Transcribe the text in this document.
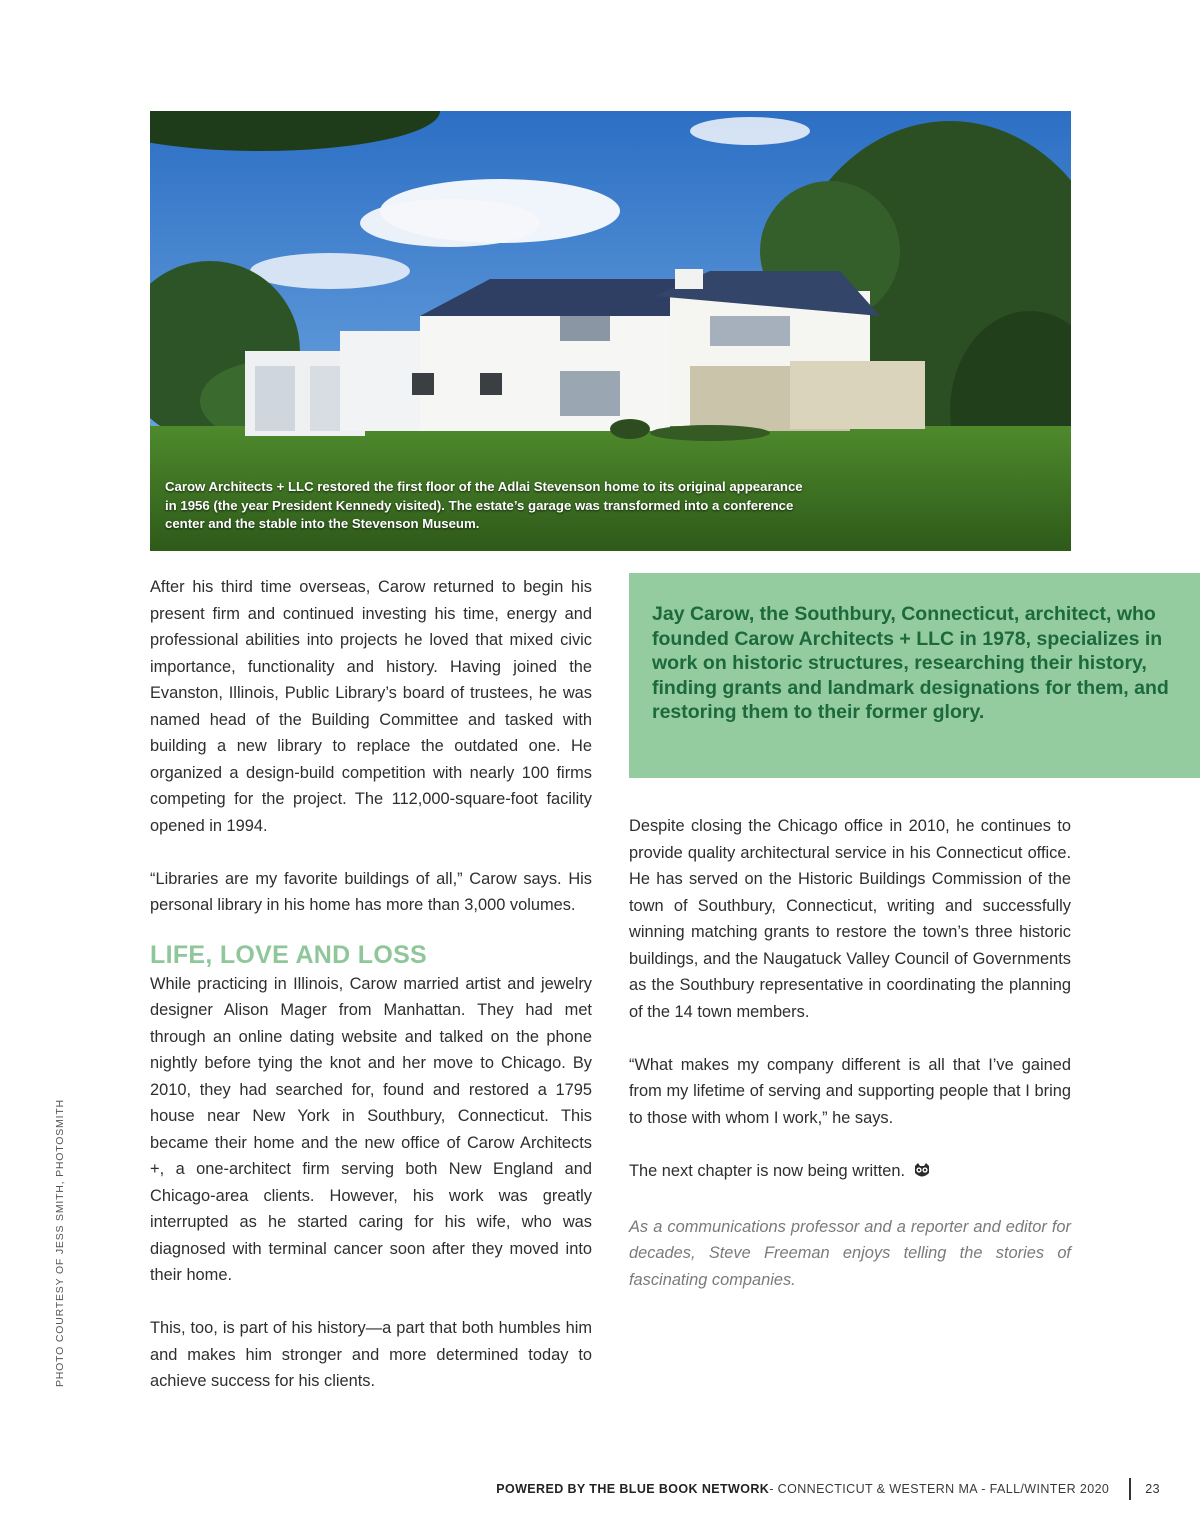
Carow Architects + LLC restored the first floor of the Adlai Stevenson home to its original appearance in 1956 (the year President Kennedy visited). The estate’s garage was transformed into a conference center and the stable into the Stevenson Museum.

After his third time overseas, Carow returned to begin his present firm and continued investing his time, energy and professional abilities into projects he loved that mixed civic importance, functionality and history. Having joined the Evanston, Illinois, Public Library’s board of trustees, he was named head of the Building Committee and tasked with building a new library to replace the outdated one. He organized a design-build competition with nearly 100 firms competing for the project. The 112,000-square-foot facility opened in 1994.

“Libraries are my favorite buildings of all,” Carow says. His personal library in his home has more than 3,000 volumes.

LIFE, LOVE AND LOSS

While practicing in Illinois, Carow married artist and jewelry designer Alison Mager from Manhattan. They had met through an online dating website and talked on the phone nightly before tying the knot and her move to Chicago. By 2010, they had searched for, found and restored a 1795 house near New York in Southbury, Connecticut. This became their home and the new office of Carow Architects +, a one-architect firm serving both New England and Chicago-area clients. However, his work was greatly interrupted as he started caring for his wife, who was diagnosed with terminal cancer soon after they moved into their home.

This, too, is part of his history—a part that both humbles him and makes him stronger and more determined today to achieve success for his clients.

Jay Carow, the Southbury, Connecticut, architect, who founded Carow Architects + LLC in 1978, specializes in work on historic structures, researching their history, finding grants and landmark designations for them, and restoring them to their former glory.

Despite closing the Chicago office in 2010, he continues to provide quality architectural service in his Connecticut office. He has served on the Historic Buildings Commission of the town of Southbury, Connecticut, writing and successfully winning matching grants to restore the town’s three historic buildings, and the Naugatuck Valley Council of Governments as the Southbury representative in coordinating the planning of the 14 town members.

“What makes my company different is all that I’ve gained from my lifetime of serving and supporting people that I bring to those with whom I work,” he says.

The next chapter is now being written.

As a communications professor and a reporter and editor for decades, Steve Freeman enjoys telling the stories of fascinating companies.

PHOTO COURTESY OF JESS SMITH, PHOTOSMITH
POWERED BY THE BLUE BOOK NETWORK - CONNECTICUT & WESTERN MA - FALL/WINTER 2020	23
